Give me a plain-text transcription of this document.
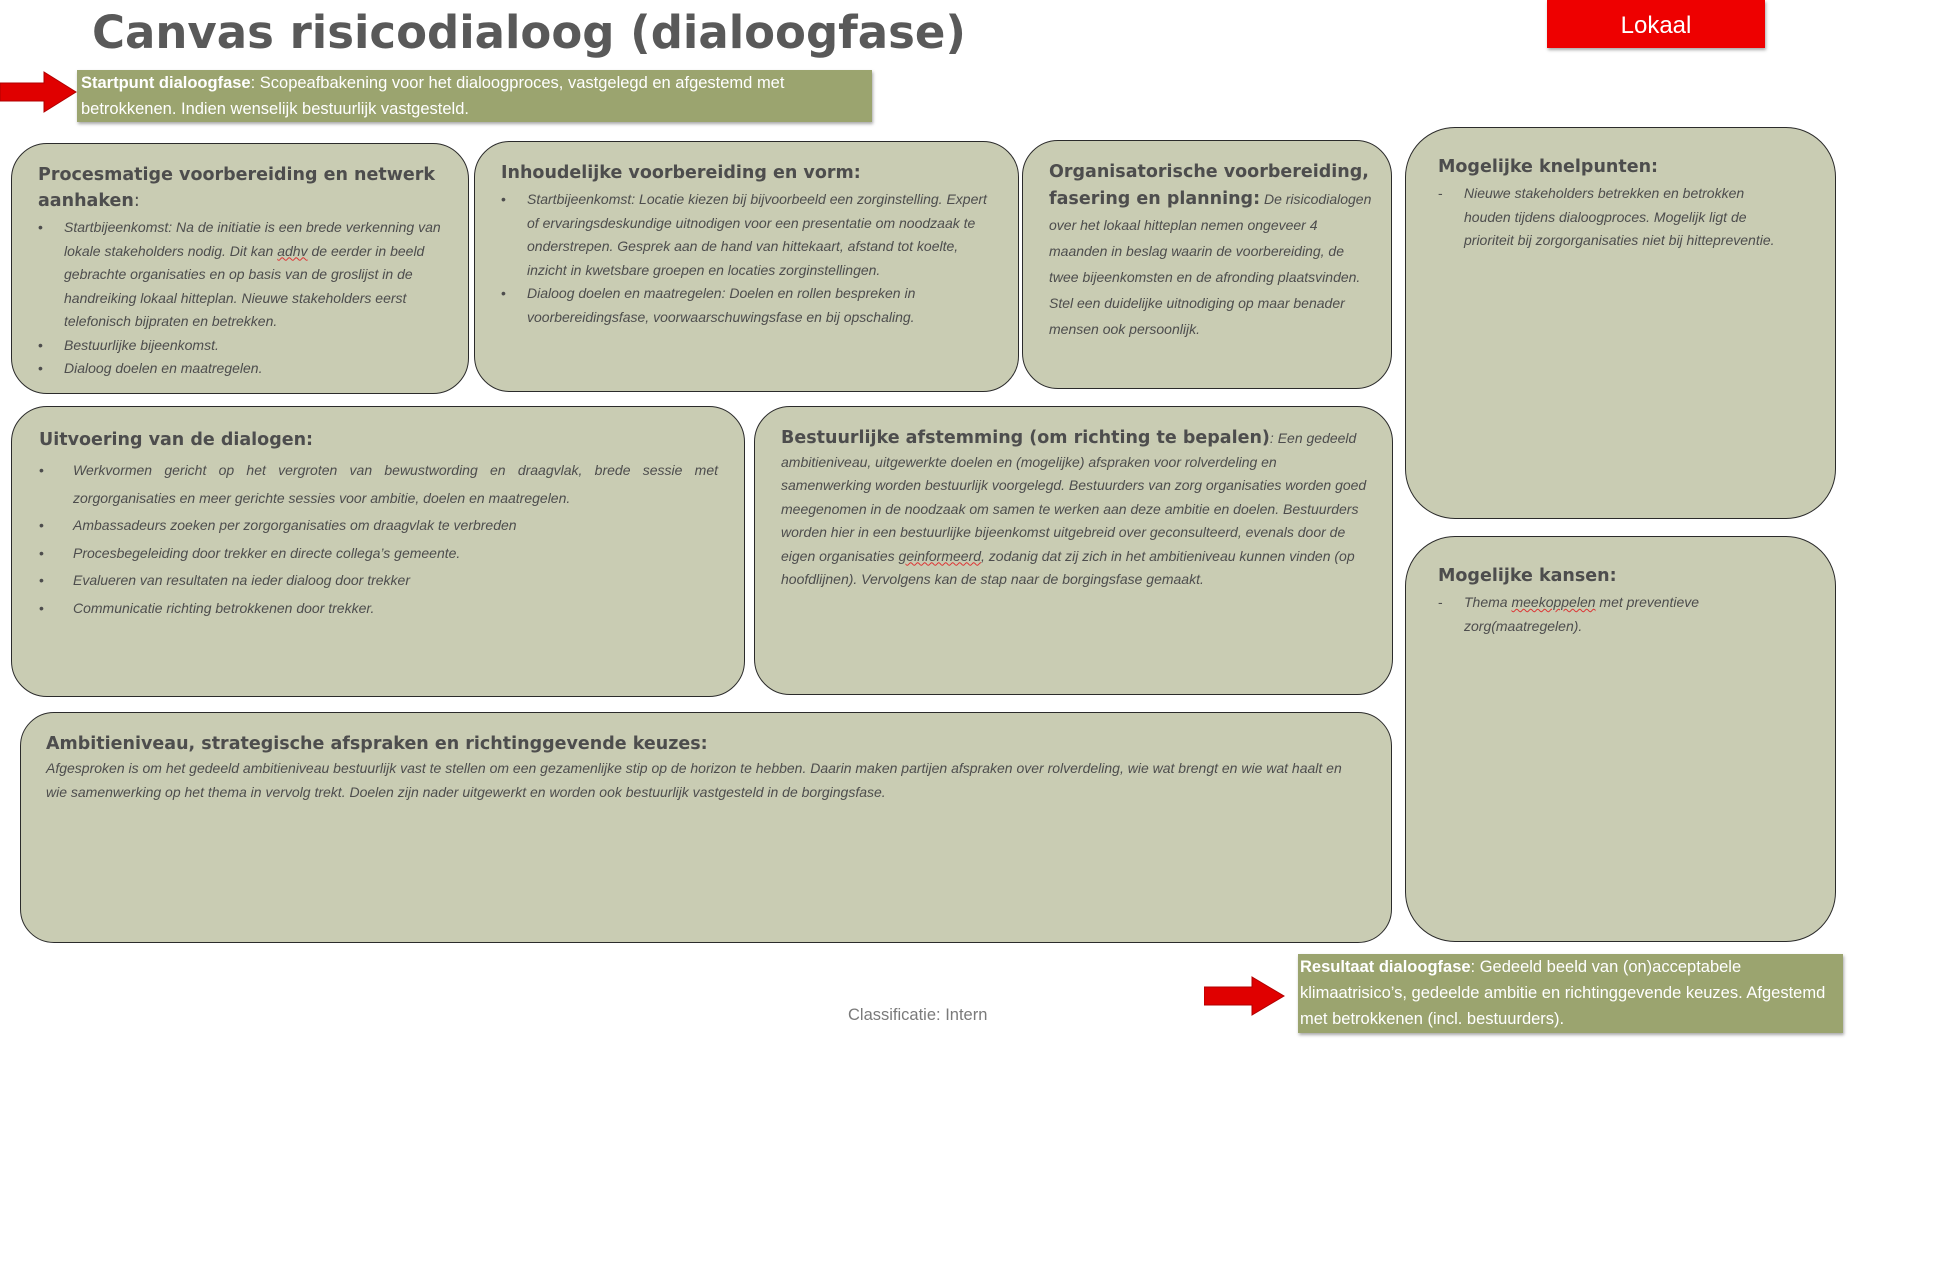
Canvas risicodialoog (dialoogfase)	Lokaal
Startpunt dialoogfase: Scopeafbakening voor het dialoogproces, vastgelegd en afgestemd met betrokkenen. Indien wenselijk bestuurlijk vastgesteld.
Procesmatige voorbereiding en netwerk aanhaken:
• Startbijeenkomst: Na de initiatie is een brede verkenning van lokale stakeholders nodig. Dit kan adhv de eerder in beeld gebrachte organisaties en op basis van de groslijst in de handreiking lokaal hitteplan. Nieuwe stakeholders eerst telefonisch bijpraten en betrekken.
• Bestuurlijke bijeenkomst.
• Dialoog doelen en maatregelen.
Inhoudelijke voorbereiding en vorm:
• Startbijeenkomst: Locatie kiezen bij bijvoorbeeld een zorginstelling. Expert of ervaringsdeskundige uitnodigen voor een presentatie om noodzaak te onderstrepen. Gesprek aan de hand van hittekaart, afstand tot koelte, inzicht in kwetsbare groepen en locaties zorginstellingen.
• Dialoog doelen en maatregelen: Doelen en rollen bespreken in voorbereidingsfase, voorwaarschuwingsfase en bij opschaling.
Organisatorische voorbereiding, fasering en planning: De risicodialogen over het lokaal hitteplan nemen ongeveer 4 maanden in beslag waarin de voorbereiding, de twee bijeenkomsten en de afronding plaatsvinden. Stel een duidelijke uitnodiging op maar benader mensen ook persoonlijk.
Mogelijke knelpunten:
- Nieuwe stakeholders betrekken en betrokken houden tijdens dialoogproces. Mogelijk ligt de prioriteit bij zorgorganisaties niet bij hittepreventie.
Uitvoering van de dialogen:
• Werkvormen gericht op het vergroten van bewustwording en draagvlak, brede sessie met zorgorganisaties en meer gerichte sessies voor ambitie, doelen en maatregelen.
• Ambassadeurs zoeken per zorgorganisaties om draagvlak te verbreden
• Procesbegeleiding door trekker en directe collega’s gemeente.
• Evalueren van resultaten na ieder dialoog door trekker
• Communicatie richting betrokkenen door trekker.
Bestuurlijke afstemming (om richting te bepalen): Een gedeeld ambitieniveau, uitgewerkte doelen en (mogelijke) afspraken voor rolverdeling en samenwerking worden bestuurlijk voorgelegd. Bestuurders van zorg organisaties worden goed meegenomen in de noodzaak om samen te werken aan deze ambitie en doelen. Bestuurders worden hier in een bestuurlijke bijeenkomst uitgebreid over geconsulteerd, evenals door de eigen organisaties geinformeerd, zodanig dat zij zich in het ambitieniveau kunnen vinden (op hoofdlijnen). Vervolgens kan de stap naar de borgingsfase gemaakt.	Mogelijke kansen:
- Thema meekoppelen met preventieve zorg(maatregelen).
Ambitieniveau, strategische afspraken en richtinggevende keuzes:
Afgesproken is om het gedeeld ambitieniveau bestuurlijk vast te stellen om een gezamenlijke stip op de horizon te hebben. Daarin maken partijen afspraken over rolverdeling, wie wat brengt en wie wat haalt en wie samenwerking op het thema in vervolg trekt. Doelen zijn nader uitgewerkt en worden ook bestuurlijk vastgesteld in de borgingsfase.
Resultaat dialoogfase: Gedeeld beeld van (on)acceptabele klimaatrisico’s, gedeelde ambitie en richtinggevende keuzes. Afgestemd met betrokkenen (incl. bestuurders).
Classificatie: Intern
